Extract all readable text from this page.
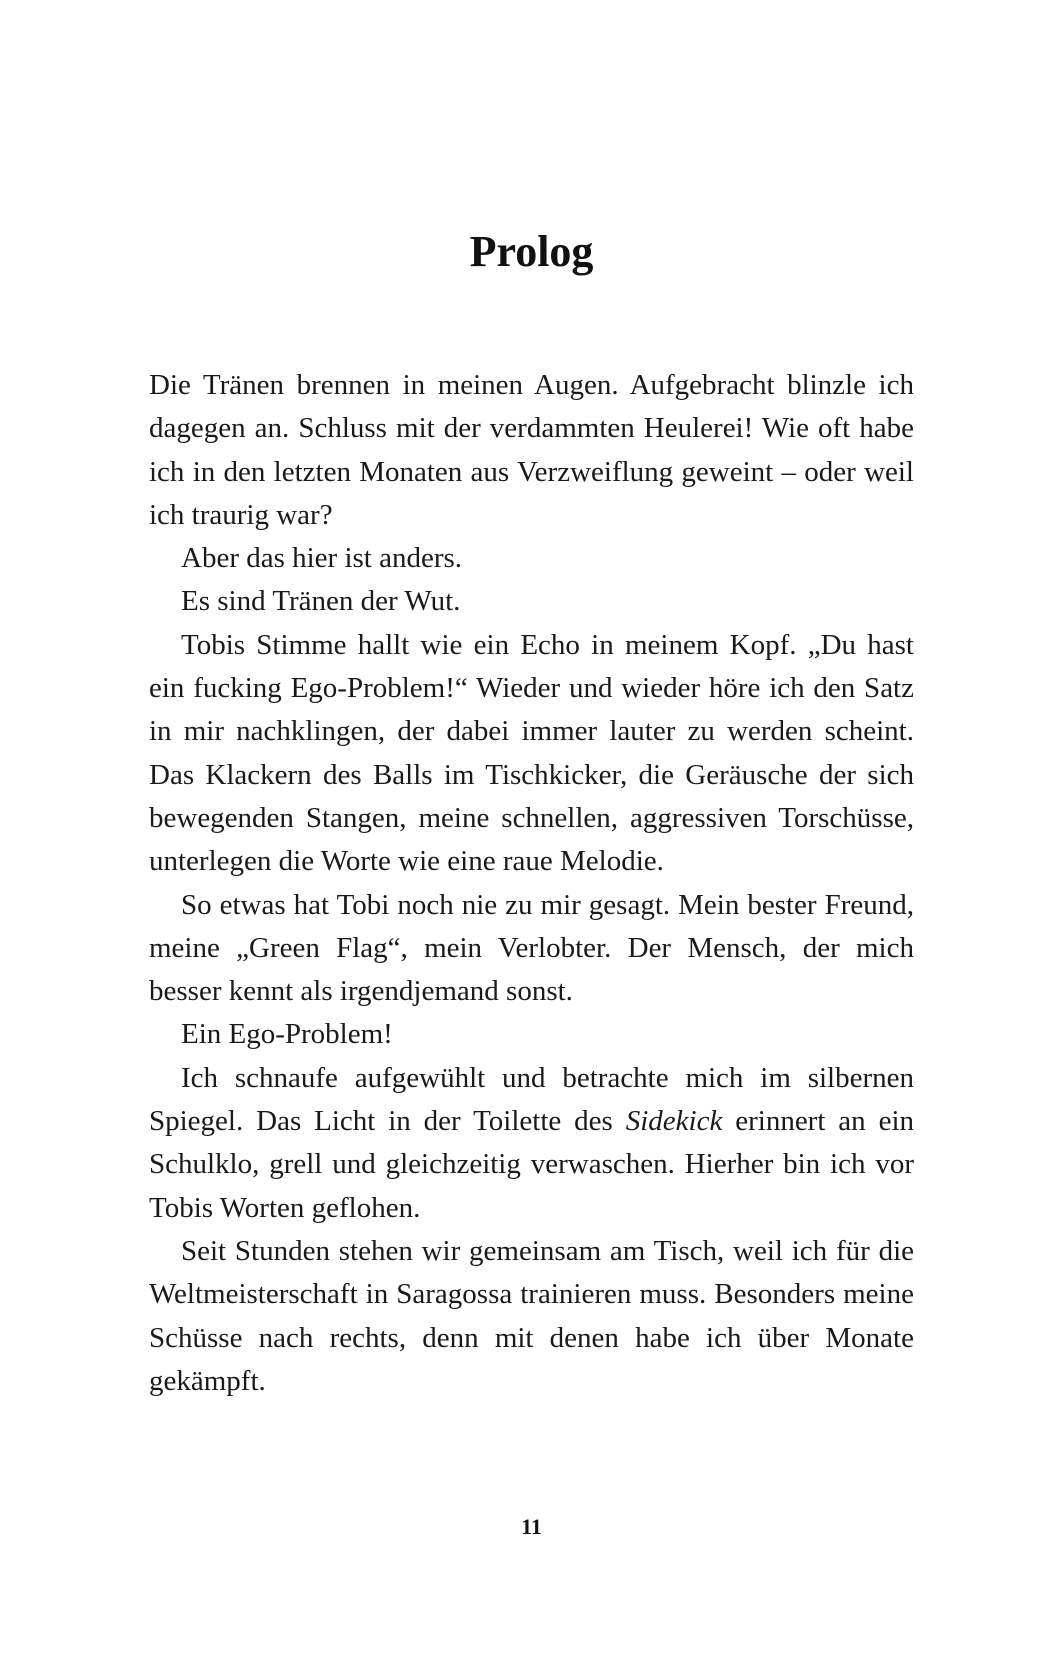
Prolog

Die Tränen brennen in meinen Augen. Aufgebracht blinzle ich dagegen an. Schluss mit der verdammten Heulerei! Wie oft habe ich in den letzten Monaten aus Verzweiflung geweint – oder weil ich traurig war?

Aber das hier ist anders.

Es sind Tränen der Wut.

Tobis Stimme hallt wie ein Echo in meinem Kopf. „Du hast ein fucking Ego-Problem!“ Wieder und wieder höre ich den Satz in mir nachklingen, der dabei immer lauter zu werden scheint. Das Klackern des Balls im Tischkicker, die Geräusche der sich bewegenden Stangen, meine schnellen, aggressiven Torschüsse, unterlegen die Worte wie eine raue Melodie.

So etwas hat Tobi noch nie zu mir gesagt. Mein bester Freund, meine „Green Flag“, mein Verlobter. Der Mensch, der mich besser kennt als irgendjemand sonst.

Ein Ego-Problem!

Ich schnaufe aufgewühlt und betrachte mich im silbernen Spiegel. Das Licht in der Toilette des Sidekick erinnert an ein Schulklo, grell und gleichzeitig verwaschen. Hierher bin ich vor Tobis Worten geflohen.

Seit Stunden stehen wir gemeinsam am Tisch, weil ich für die Weltmeisterschaft in Saragossa trainieren muss. Besonders meine Schüsse nach rechts, denn mit denen habe ich über Monate gekämpft.

11
